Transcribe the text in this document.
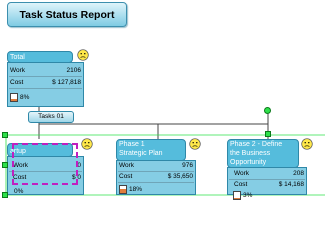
Task Status Report
Total
Work	2106
Cost	$ 127,818
8%
Tasks 01
artup
Work	0
Cost	$ 0
0%
Phase 1
Strategic Plan
Work	976
Cost	$ 35,650
18%
Phase 2 - Define
the Business
Opportunity
Work	208
Cost	$ 14,168
3%
